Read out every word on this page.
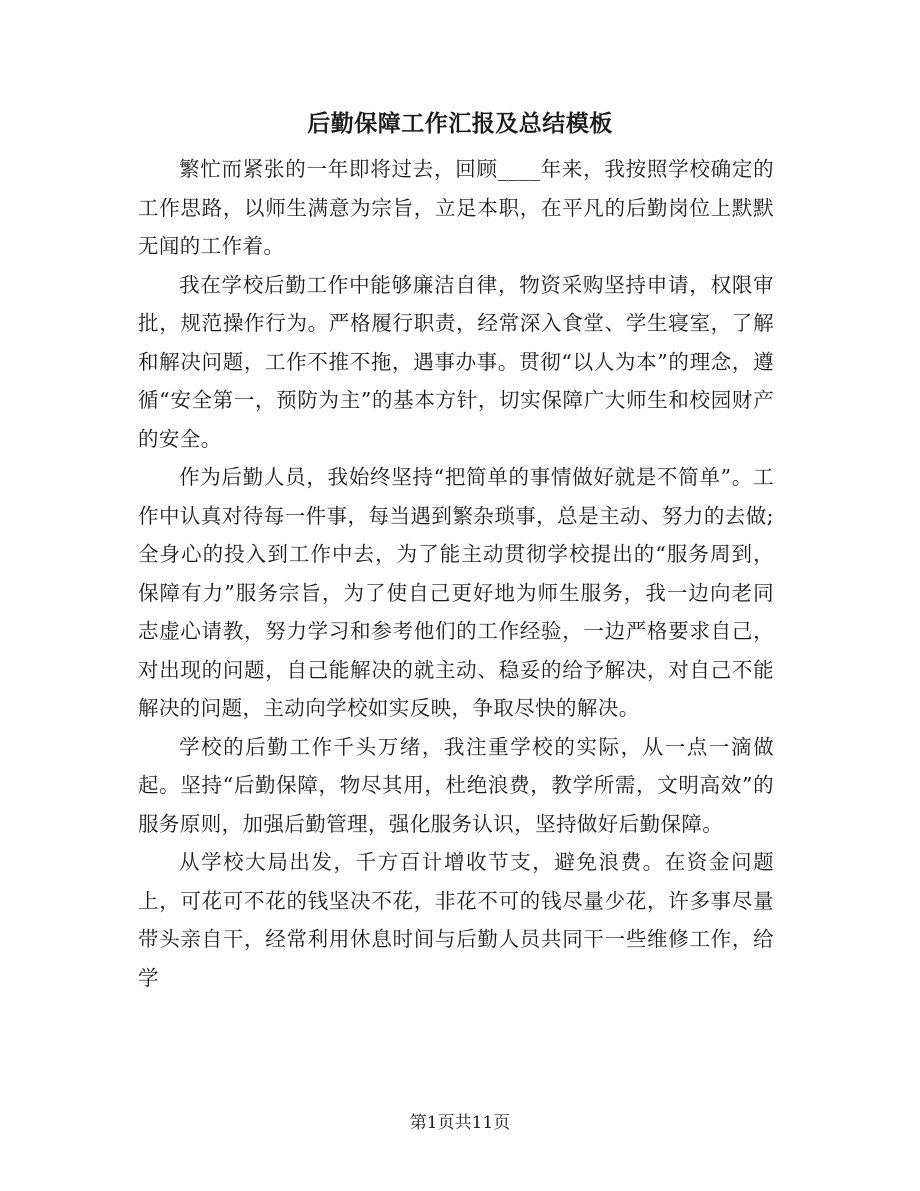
后勤保障工作汇报及总结模板

繁忙而紧张的一年即将过去，回顾____年来，我按照学校确定的工作思路，以师生满意为宗旨，立足本职，在平凡的后勤岗位上默默无闻的工作着。

我在学校后勤工作中能够廉洁自律，物资采购坚持申请，权限审批，规范操作行为。严格履行职责，经常深入食堂、学生寝室，了解和解决问题，工作不推不拖，遇事办事。贯彻“以人为本”的理念，遵循“安全第一，预防为主”的基本方针，切实保障广大师生和校园财产的安全。

作为后勤人员，我始终坚持“把简单的事情做好就是不简单”。工作中认真对待每一件事，每当遇到繁杂琐事，总是主动、努力的去做;全身心的投入到工作中去，为了能主动贯彻学校提出的“服务周到，保障有力”服务宗旨，为了使自己更好地为师生服务，我一边向老同志虚心请教，努力学习和参考他们的工作经验，一边严格要求自己，对出现的问题，自己能解决的就主动、稳妥的给予解决，对自己不能解决的问题，主动向学校如实反映，争取尽快的解决。

学校的后勤工作千头万绪，我注重学校的实际，从一点一滴做起。坚持“后勤保障，物尽其用，杜绝浪费，教学所需，文明高效”的服务原则，加强后勤管理，强化服务认识，坚持做好后勤保障。

从学校大局出发，千方百计增收节支，避免浪费。在资金问题上，可花可不花的钱坚决不花，非花不可的钱尽量少花，许多事尽量带头亲自干，经常利用休息时间与后勤人员共同干一些维修工作，给学

第1页共11页
